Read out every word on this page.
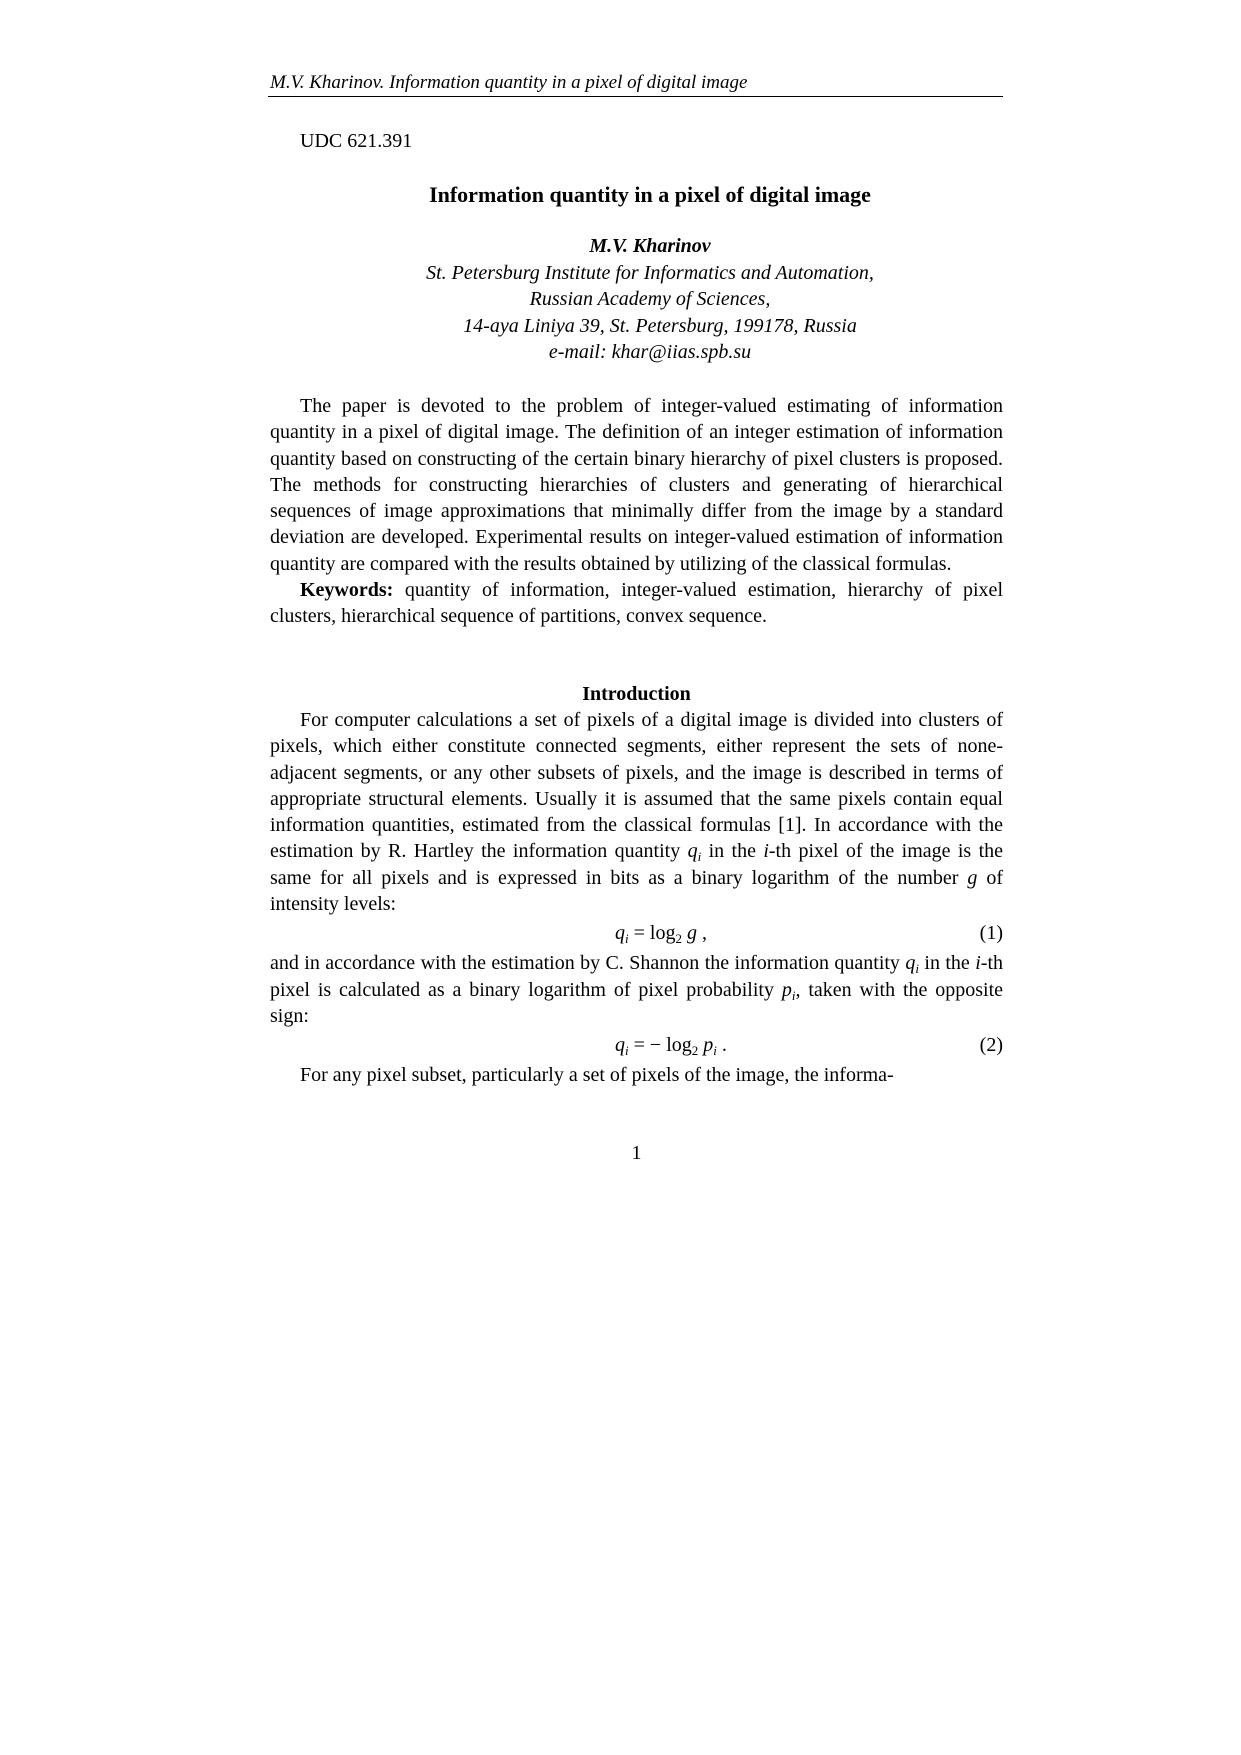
M.V. Kharinov. Information quantity in a pixel of digital image
UDC 621.391
Information quantity in a pixel of digital image
M.V. Kharinov
St. Petersburg Institute for Informatics and Automation,
Russian Academy of Sciences,
14-aya Liniya 39, St. Petersburg, 199178, Russia
e-mail: khar@iias.spb.su

The paper is devoted to the problem of integer-valued estimating of information quantity in a pixel of digital image. The definition of an integer estimation of information quantity based on constructing of the certain binary hierarchy of pixel clusters is proposed. The methods for constructing hierarchies of clusters and generating of hierarchical sequences of image approximations that minimally differ from the image by a standard deviation are developed. Experimental results on integer-valued estimation of information quantity are compared with the results obtained by utilizing of the classical formulas.

Keywords: quantity of information, integer-valued estimation, hierarchy of pixel clusters, hierarchical sequence of partitions, convex sequence.

Introduction

For computer calculations a set of pixels of a digital image is divided into clusters of pixels, which either constitute connected segments, either represent the sets of none-adjacent segments, or any other subsets of pixels, and the image is described in terms of appropriate structural elements. Usually it is assumed that the same pixels contain equal information quantities, estimated from the classical formulas [1]. In accordance with the estimation by R. Hartley the information quantity $q_i$ in the i-th pixel of the image is the same for all pixels and is expressed in bits as a binary logarithm of the number g of intensity levels:

$q_i = \log_2 g$ ,	(1)

and in accordance with the estimation by C. Shannon the information quantity $q_i$ in the i-th pixel is calculated as a binary logarithm of pixel probability $p_i$, taken with the opposite sign:

$q_i$ = − $\log_2 p_i$ .	(2)

For any pixel subset, particularly a set of pixels of the image, the informa-

1
